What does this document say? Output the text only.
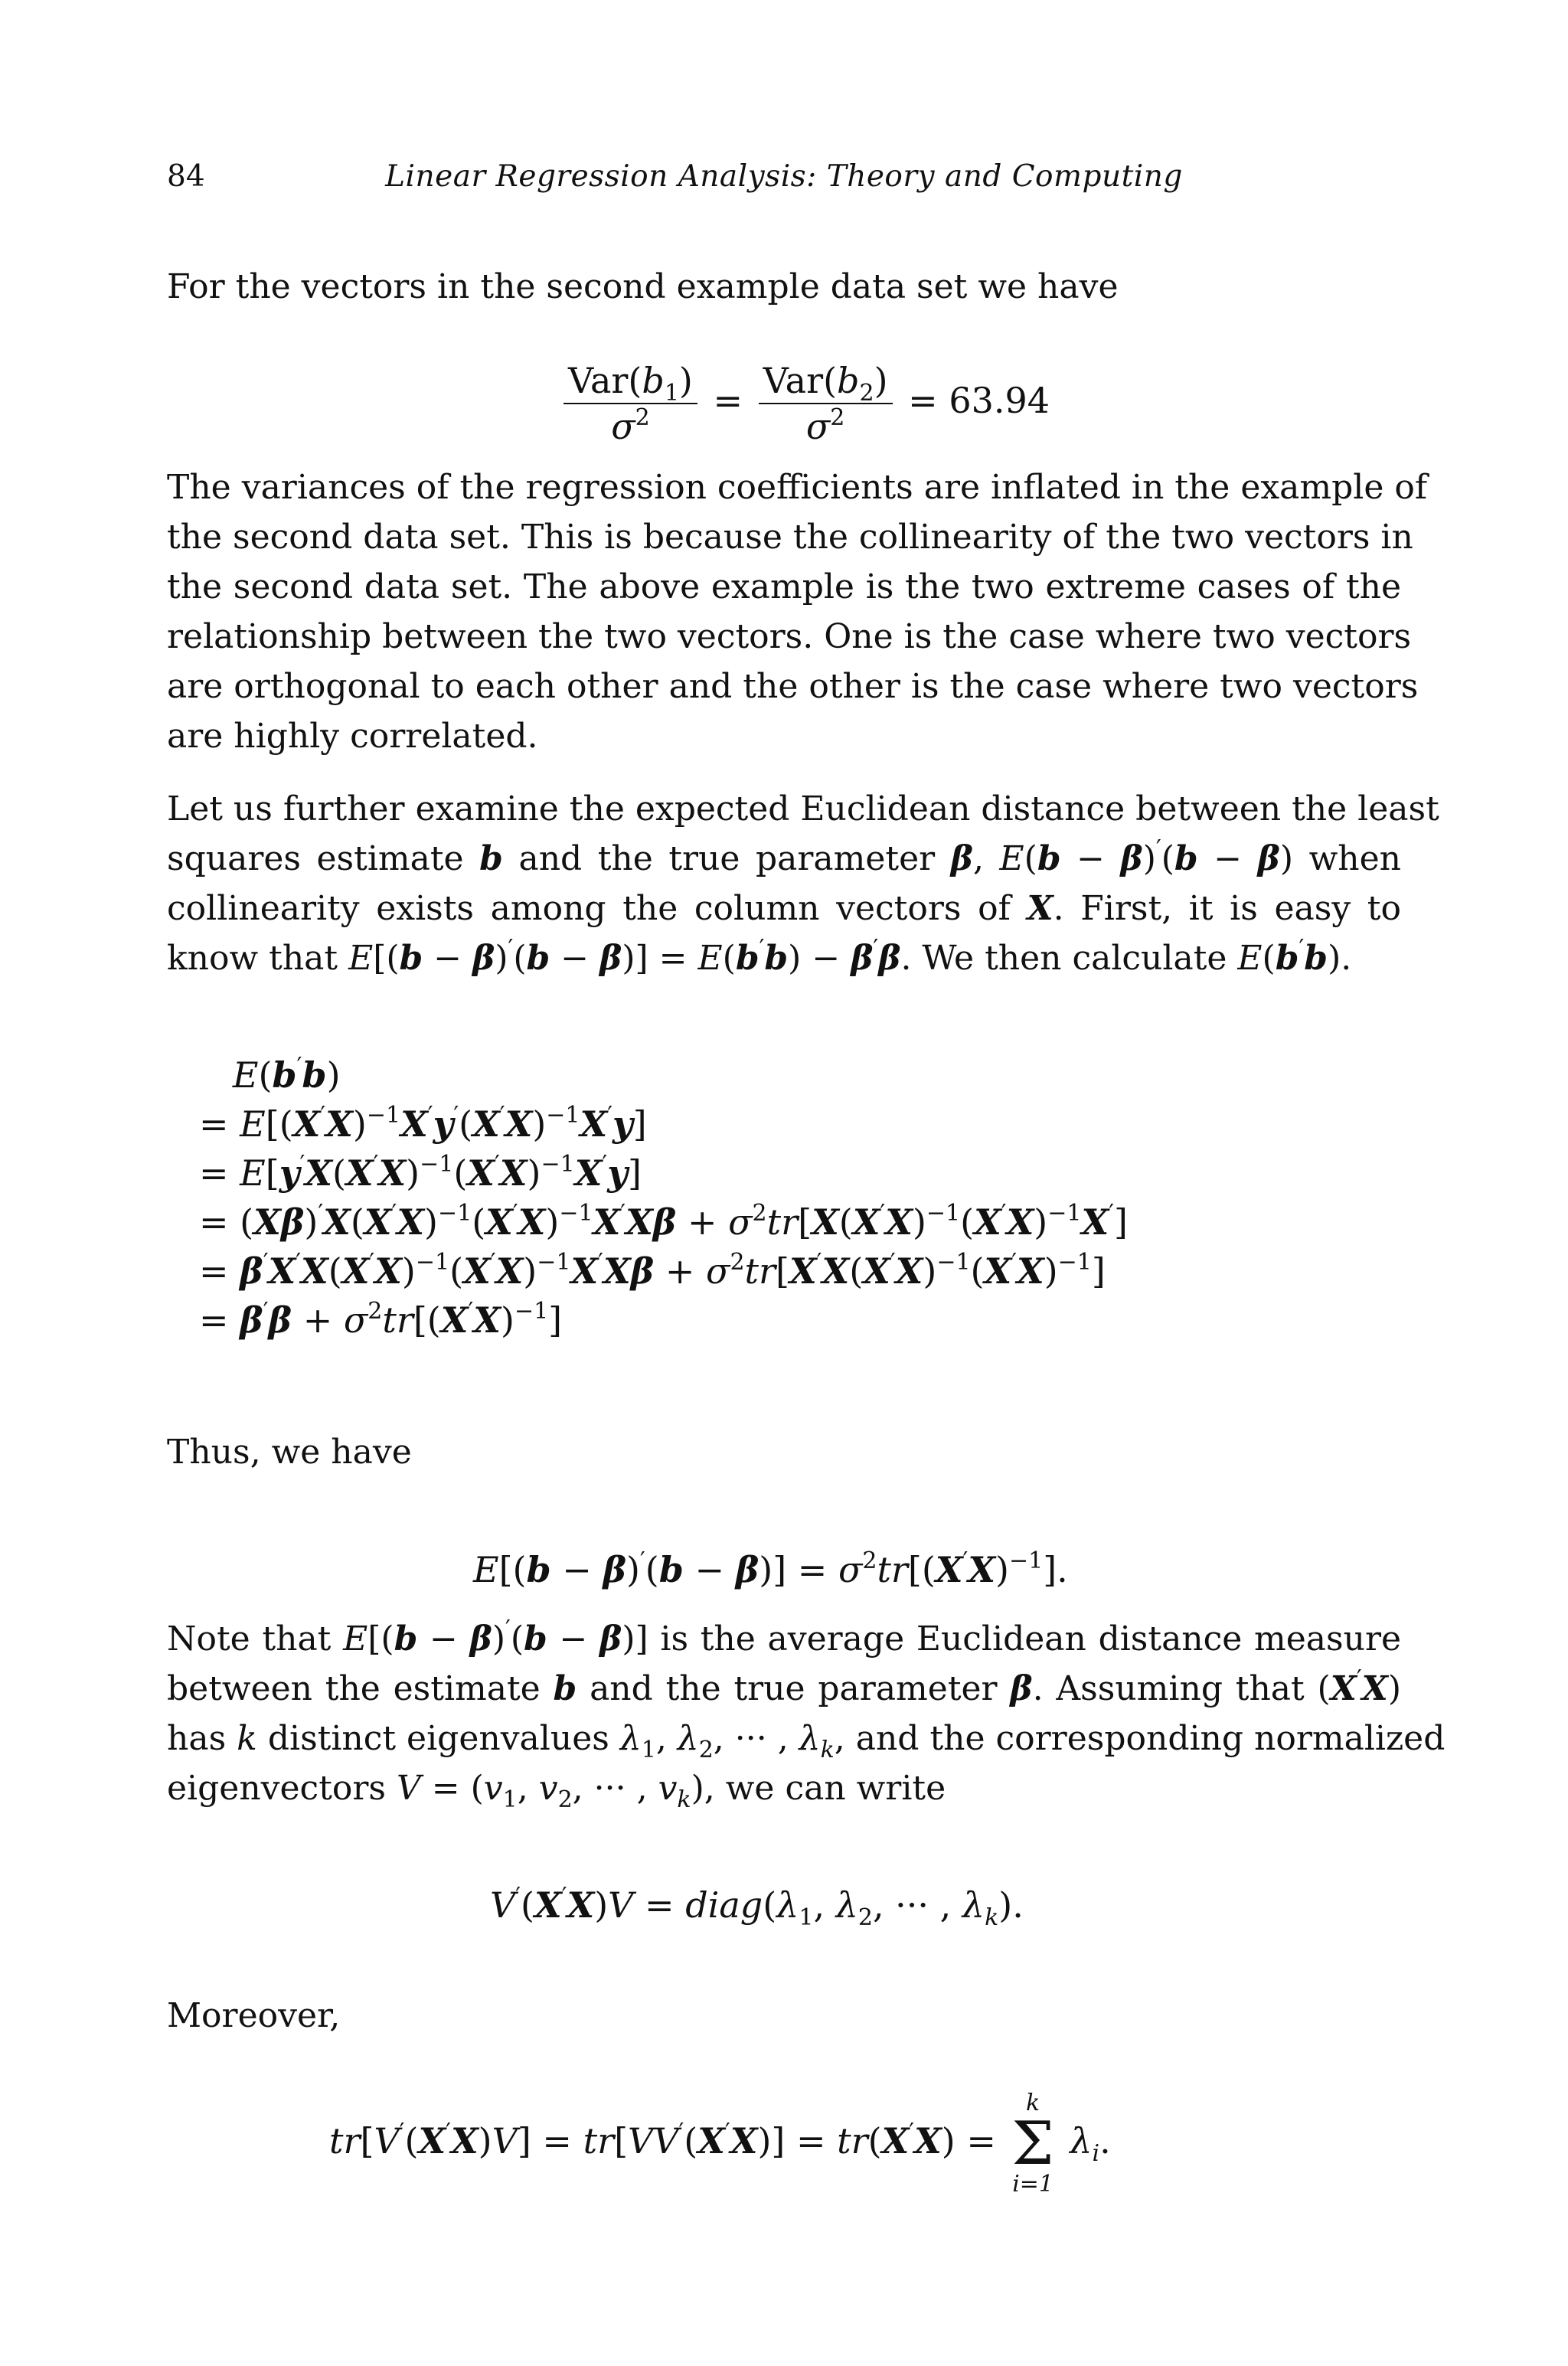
84	Linear Regression Analysis: Theory and Computing
For the vectors in the second example data set we have
$\frac{Var(b_1)}{\sigma^2} = \frac{Var(b_2)}{\sigma^2} = 63.94$
The variances of the regression coefficients are inflated in the example of
the second data set. This is because the collinearity of the two vectors in
the second data set. The above example is the two extreme cases of the
relationship between the two vectors. One is the case where two vectors
are orthogonal to each other and the other is the case where two vectors
are highly correlated.
Let us further examine the expected Euclidean distance between the least
squares estimate b and the true parameter β, E(b − β)′(b − β) when
collinearity exists among the column vectors of X. First, it is easy to
know that E[(b − β)′(b − β)] = E(b′b) − β′β. We then calculate E(b′b).
E(b′b)
= $E[(X'X)^{-1}X'y'(X'X)^{-1}X'y]$
= $E[y'X(X'X)^{-1}(X'X)^{-1}X'y]$
= $(X\beta)'X(X'X)^{-1}(X'X)^{-1}X'X\beta + \sigma^2tr[X(X'X)^{-1}(X'X)^{-1}X']$
= $\beta'X'X(X'X)^{-1}(X'X)^{-1}X'X\beta + \sigma^2tr[X'X(X'X)^{-1}(X'X)^{-1}]$
= $\beta'\beta + \sigma^2tr[(X'X)^{-1}]$
Thus, we have
$E[(b - \beta)'(b - \beta)] = \sigma^2tr[(X'X)^{-1}]$.
Note that E[(b − β)′(b − β)] is the average Euclidean distance measure
between the estimate b and the true parameter β. Assuming that (X′X)
has k distinct eigenvalues $\lambda_1$, $\lambda_2$, ··· , $\lambda_k$, and the corresponding normalized
eigenvectors $V = (v_1$, $v_2$, ··· , $v_k$), we can write
$V'(X'X)V = diag(\lambda_1$, $\lambda_2$, ··· , $\lambda_k$).
Moreover,
tr[V′(X′X)V] = tr[VV′(X′X)] = tr(X′X) =
k
Σ
i=1
$\lambda_i$.
